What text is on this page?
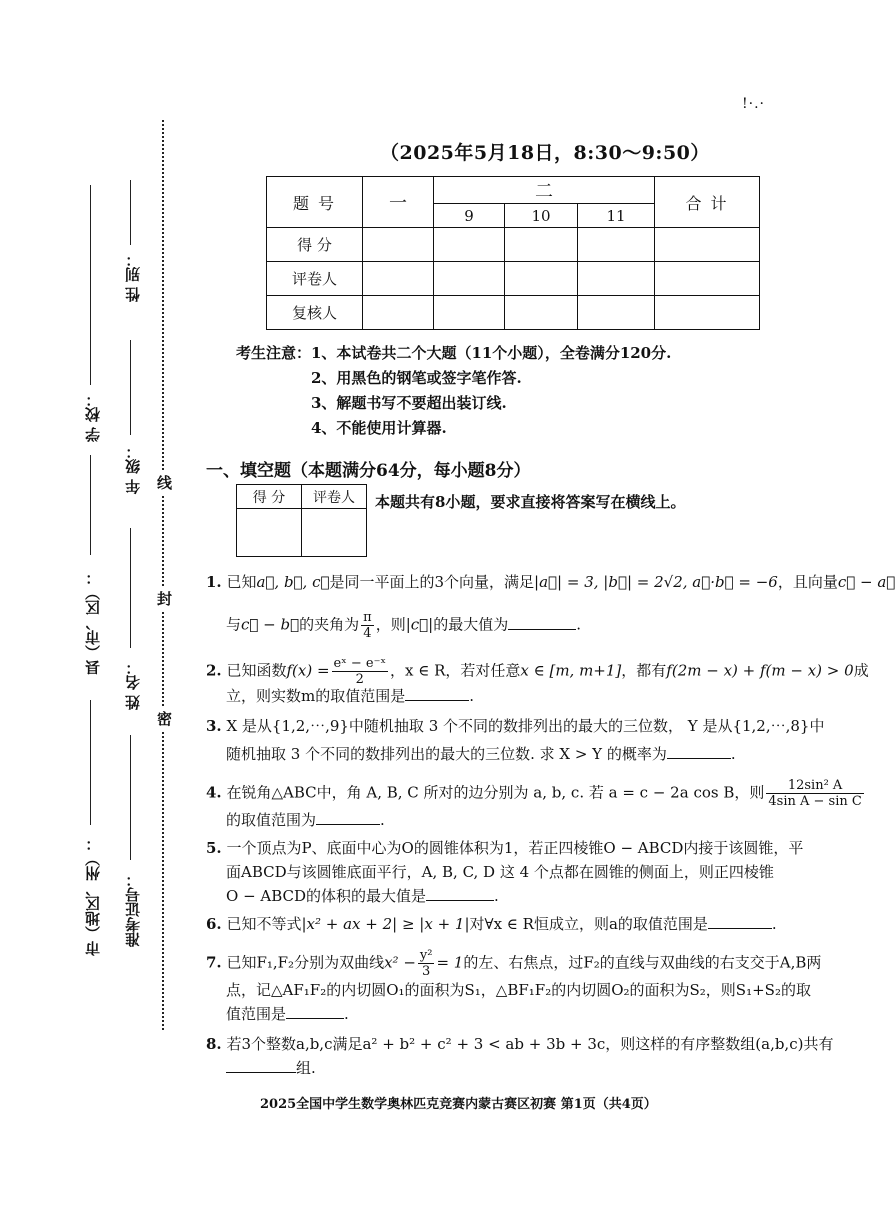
!·.·
学 校：
性 别：
年 级：
县（市、区）：
姓 名：
市（地区、州）： 准考证号：
线
封
密
（2025年5月18日，8:30～9:50）
题 号	一	二			合 计
		9	10	11	
得 分					
评卷人					
复核人					
考生注意： 1、本试卷共二个大题（11个小题），全卷满分120分.
2、用黑色的钢笔或签字笔作答.
3、解题书写不要超出装订线.
4、不能使用计算器.
一、填空题（本题满分64分，每小题8分）
得 分	评卷人
	本题共有8小题，要求直接将答案写在横线上。
1. 已知a⃗, b⃗, c⃗是同一平面上的3个向量，满足|a⃗| = 3, |b⃗| = 2√2, a⃗·b⃗ = −6，且向量c⃗ − a⃗
与c⃗ − b⃗的夹角为 $\frac{\pi}{4}$ ，则|c⃗|的最大值为	.
2. 已知函数$f(x) = \frac{\text{eˣ − e⁻ˣ}}{2}$ ，x ∈ R，若对任意x ∈ [m, m+1]，都有f(2m − x) + f(m − x) > 0成
立，则实数m的取值范围是	.
3. X 是从{1,2,⋯,9}中随机抽取 3 个不同的数排列出的最大的三位数， Y 是从{1,2,⋯,8}中
随机抽取 3 个不同的数排列出的最大的三位数. 求 X > Y 的概率为	.
4. 在锐角△ABC中，角 A, B, C 所对的边分别为 a, b, c. 若 a = c − 2a cos B，则 $\frac{\text{12sin² A}}{\text{4sin A − sin C}}$
的取值范围为	.
5. 一个顶点为P、底面中心为O的圆锥体积为1，若正四棱锥O − ABCD内接于该圆锥，平
面ABCD与该圆锥底面平行，A, B, C, D 这 4 个点都在圆锥的侧面上，则正四棱锥
O − ABCD的体积的最大值是	.
6. 已知不等式|x² + ax + 2| ≥ |x + 1|对∀x ∈ R恒成立，则a的取值范围是	.
7. 已知F₁,F₂分别为双曲线$x^2 - \frac{\text{y²}}{3} = 1$的左、右焦点，过F₂的直线与双曲线的右支交于A,B两
点，记△AF₁F₂的内切圆O₁的面积为S₁，△BF₁F₂的内切圆O₂的面积为S₂，则S₁+S₂的取
值范围是	.
8. 若3个整数a,b,c满足a² + b² + c² + 3 < ab + 3b + 3c，则这样的有序整数组(a,b,c)共有
组.
2025全国中学生数学奥林匹克竞赛内蒙古赛区初赛 第1页（共4页）
